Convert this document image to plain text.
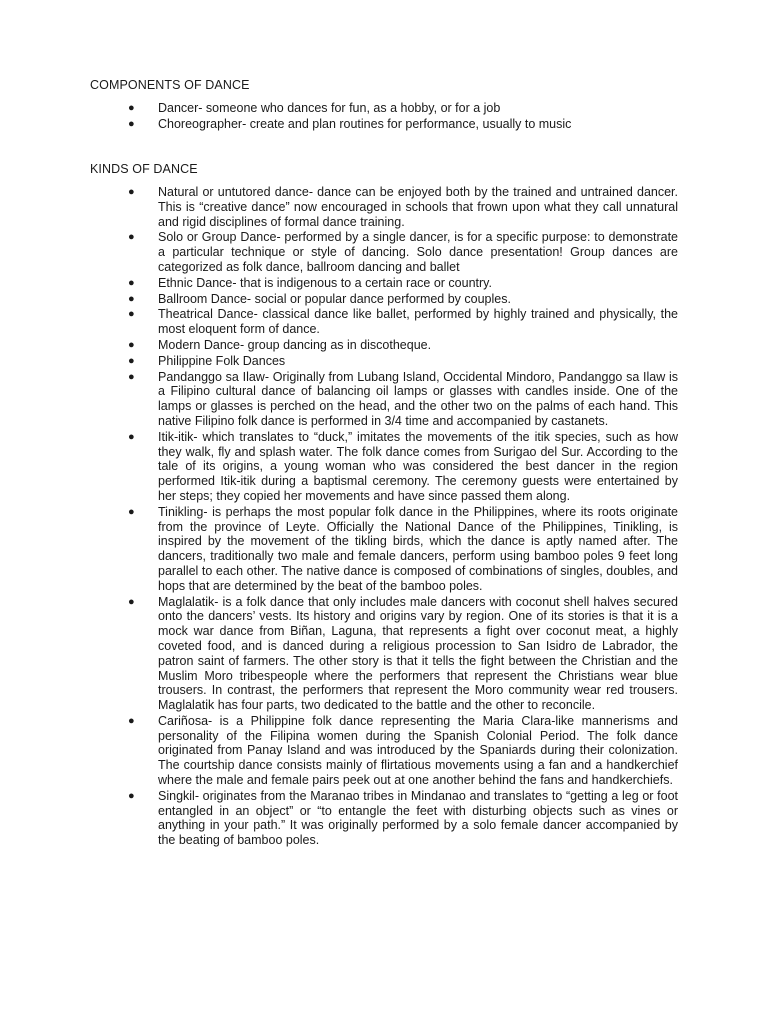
COMPONENTS OF DANCE
● Dancer- someone who dances for fun, as a hobby, or for a job
● Choreographer- create and plan routines for performance, usually to music
KINDS OF DANCE
● Natural or untutored dance- dance can be enjoyed both by the trained and untrained dancer. This is “creative dance” now encouraged in schools that frown upon what they call unnatural and rigid disciplines of formal dance training.
● Solo or Group Dance- performed by a single dancer, is for a specific purpose: to demonstrate a particular technique or style of dancing. Solo dance presentation! Group dances are categorized as folk dance, ballroom dancing and ballet
● Ethnic Dance- that is indigenous to a certain race or country.
● Ballroom Dance- social or popular dance performed by couples.
● Theatrical Dance- classical dance like ballet, performed by highly trained and physically, the most eloquent form of dance.
● Modern Dance- group dancing as in discotheque.
● Philippine Folk Dances
● Pandanggo sa Ilaw- Originally from Lubang Island, Occidental Mindoro, Pandanggo sa Ilaw is a Filipino cultural dance of balancing oil lamps or glasses with candles inside. One of the lamps or glasses is perched on the head, and the other two on the palms of each hand. This native Filipino folk dance is performed in 3/4 time and accompanied by castanets.
● Itik-itik- which translates to “duck,” imitates the movements of the itik species, such as how they walk, fly and splash water. The folk dance comes from Surigao del Sur. According to the tale of its origins, a young woman who was considered the best dancer in the region performed Itik-itik during a baptismal ceremony. The ceremony guests were entertained by her steps; they copied her movements and have since passed them along.
● Tinikling- is perhaps the most popular folk dance in the Philippines, where its roots originate from the province of Leyte. Officially the National Dance of the Philippines, Tinikling, is inspired by the movement of the tikling birds, which the dance is aptly named after. The dancers, traditionally two male and female dancers, perform using bamboo poles 9 feet long parallel to each other. The native dance is composed of combinations of singles, doubles, and hops that are determined by the beat of the bamboo poles.
● Maglalatik- is a folk dance that only includes male dancers with coconut shell halves secured onto the dancers’ vests. Its history and origins vary by region. One of its stories is that it is a mock war dance from Biñan, Laguna, that represents a fight over coconut meat, a highly coveted food, and is danced during a religious procession to San Isidro de Labrador, the patron saint of farmers. The other story is that it tells the fight between the Christian and the Muslim Moro tribespeople where the performers that represent the Christians wear blue trousers. In contrast, the performers that represent the Moro community wear red trousers. Maglalatik has four parts, two dedicated to the battle and the other to reconcile.
● Cariñosa- is a Philippine folk dance representing the Maria Clara-like mannerisms and personality of the Filipina women during the Spanish Colonial Period. The folk dance originated from Panay Island and was introduced by the Spaniards during their colonization. The courtship dance consists mainly of flirtatious movements using a fan and a handkerchief where the male and female pairs peek out at one another behind the fans and handkerchiefs.
● Singkil- originates from the Maranao tribes in Mindanao and translates to “getting a leg or foot entangled in an object” or “to entangle the feet with disturbing objects such as vines or anything in your path.” It was originally performed by a solo female dancer accompanied by the beating of bamboo poles.
